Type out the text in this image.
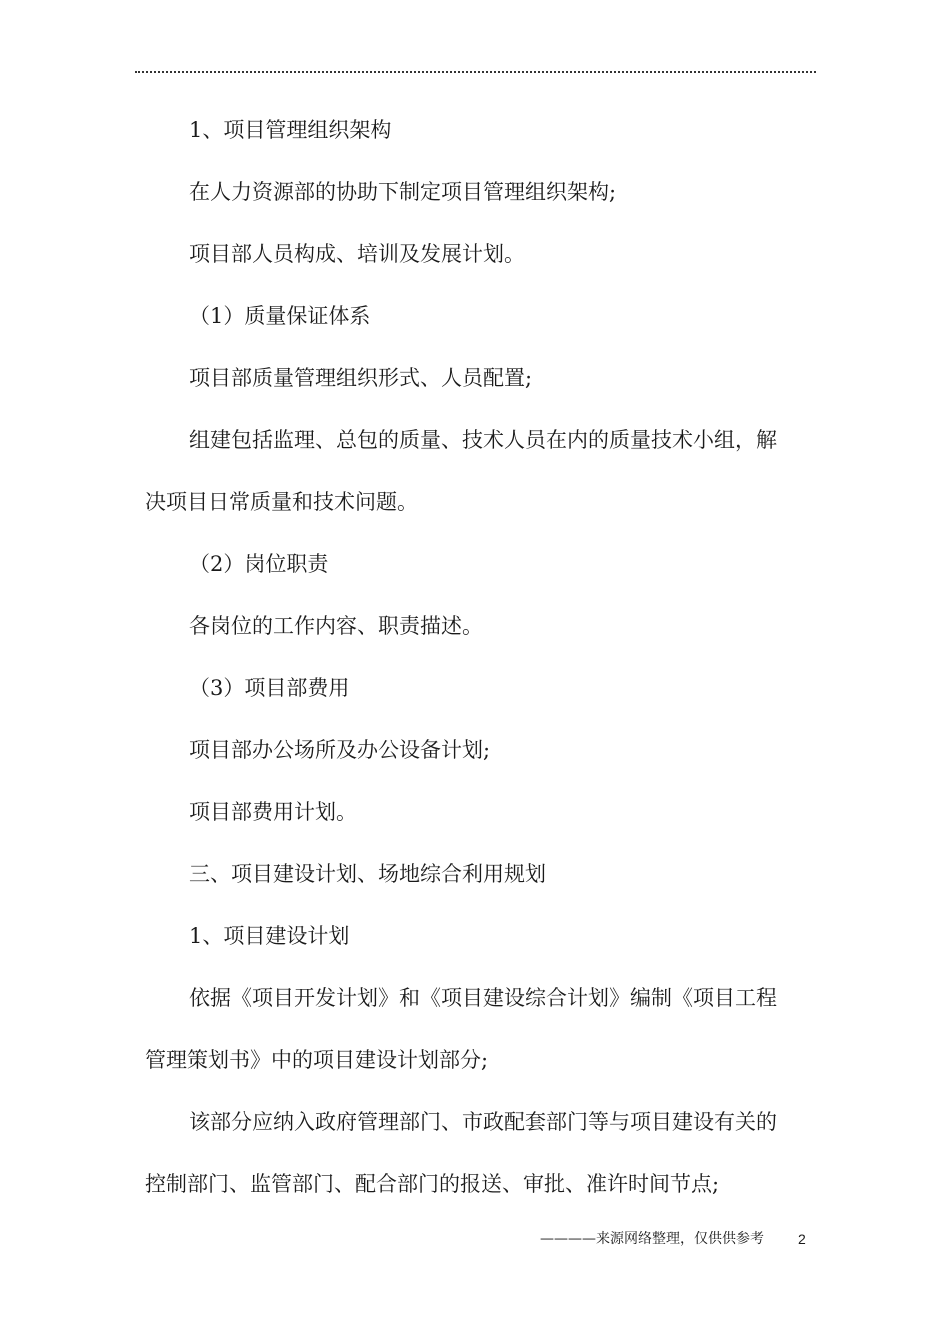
1、项目管理组织架构
在人力资源部的协助下制定项目管理组织架构;
项目部人员构成、培训及发展计划。
（1）质量保证体系
项目部质量管理组织形式、人员配置;
组建包括监理、总包的质量、技术人员在内的质量技术小组，解
决项目日常质量和技术问题。
（2）岗位职责
各岗位的工作内容、职责描述。
（3）项目部费用
项目部办公场所及办公设备计划;
项目部费用计划。
三、项目建设计划、场地综合利用规划
1、项目建设计划
依据《项目开发计划》和《项目建设综合计划》编制《项目工程
管理策划书》中的项目建设计划部分;
该部分应纳入政府管理部门、市政配套部门等与项目建设有关的
控制部门、监管部门、配合部门的报送、审批、准许时间节点;
————来源网络整理，仅供供参考 2
